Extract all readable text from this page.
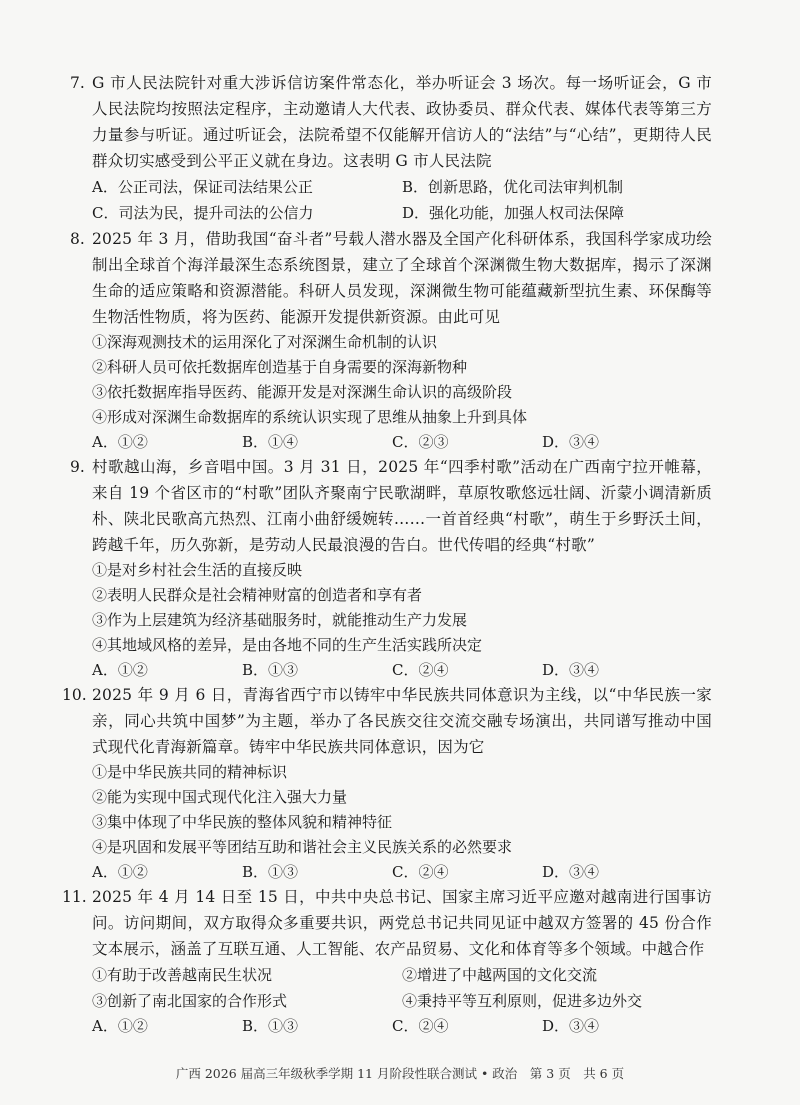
7. G 市人民法院针对重大涉诉信访案件常态化，举办听证会 3 场次。每一场听证会，G 市人民法院均按照法定程序，主动邀请人大代表、政协委员、群众代表、媒体代表等第三方力量参与听证。通过听证会，法院希望不仅能解开信访人的“法结”与“心结”，更期待人民群众切实感受到公平正义就在身边。这表明 G 市人民法院
A．公正司法，保证司法结果公正	B．创新思路，优化司法审判机制
C．司法为民，提升司法的公信力	D．强化功能，加强人权司法保障
8. 2025 年 3 月，借助我国“奋斗者”号载人潜水器及全国产化科研体系，我国科学家成功绘制出全球首个海洋最深生态系统图景，建立了全球首个深渊微生物大数据库，揭示了深渊生命的适应策略和资源潜能。科研人员发现，深渊微生物可能蕴藏新型抗生素、环保酶等生物活性物质，将为医药、能源开发提供新资源。由此可见
①深海观测技术的运用深化了对深渊生命机制的认识
②科研人员可依托数据库创造基于自身需要的深海新物种
③依托数据库指导医药、能源开发是对深渊生命认识的高级阶段
④形成对深渊生命数据库的系统认识实现了思维从抽象上升到具体
A．①②	B．①④	C．②③	D．③④
9. 村歌越山海，乡音唱中国。3 月 31 日，2025 年“四季村歌”活动在广西南宁拉开帷幕，来自 19 个省区市的“村歌”团队齐聚南宁民歌湖畔，草原牧歌悠远壮阔、沂蒙小调清新质朴、陕北民歌高亢热烈、江南小曲舒缓婉转……一首首经典“村歌”，萌生于乡野沃土间，跨越千年，历久弥新，是劳动人民最浪漫的告白。世代传唱的经典“村歌”
①是对乡村社会生活的直接反映
②表明人民群众是社会精神财富的创造者和享有者
③作为上层建筑为经济基础服务时，就能推动生产力发展
④其地域风格的差异，是由各地不同的生产生活实践所决定
A．①②	B．①③	C．②④	D．③④
10. 2025 年 9 月 6 日，青海省西宁市以铸牢中华民族共同体意识为主线，以“中华民族一家亲，同心共筑中国梦”为主题，举办了各民族交往交流交融专场演出，共同谱写推动中国式现代化青海新篇章。铸牢中华民族共同体意识，因为它
①是中华民族共同的精神标识
②能为实现中国式现代化注入强大力量
③集中体现了中华民族的整体风貌和精神特征
④是巩固和发展平等团结互助和谐社会主义民族关系的必然要求
A．①②	B．①③	C．②④	D．③④
11. 2025 年 4 月 14 日至 15 日，中共中央总书记、国家主席习近平应邀对越南进行国事访问。访问期间，双方取得众多重要共识，两党总书记共同见证中越双方签署的 45 份合作文本展示，涵盖了互联互通、人工智能、农产品贸易、文化和体育等多个领域。中越合作
①有助于改善越南民生状况	②增进了中越两国的文化交流
③创新了南北国家的合作形式	④秉持平等互利原则，促进多边外交
A．①②	B．①③	C．②④	D．③④
广西 2026 届高三年级秋季学期 11 月阶段性联合测试 • 政治　第 3 页　共 6 页
